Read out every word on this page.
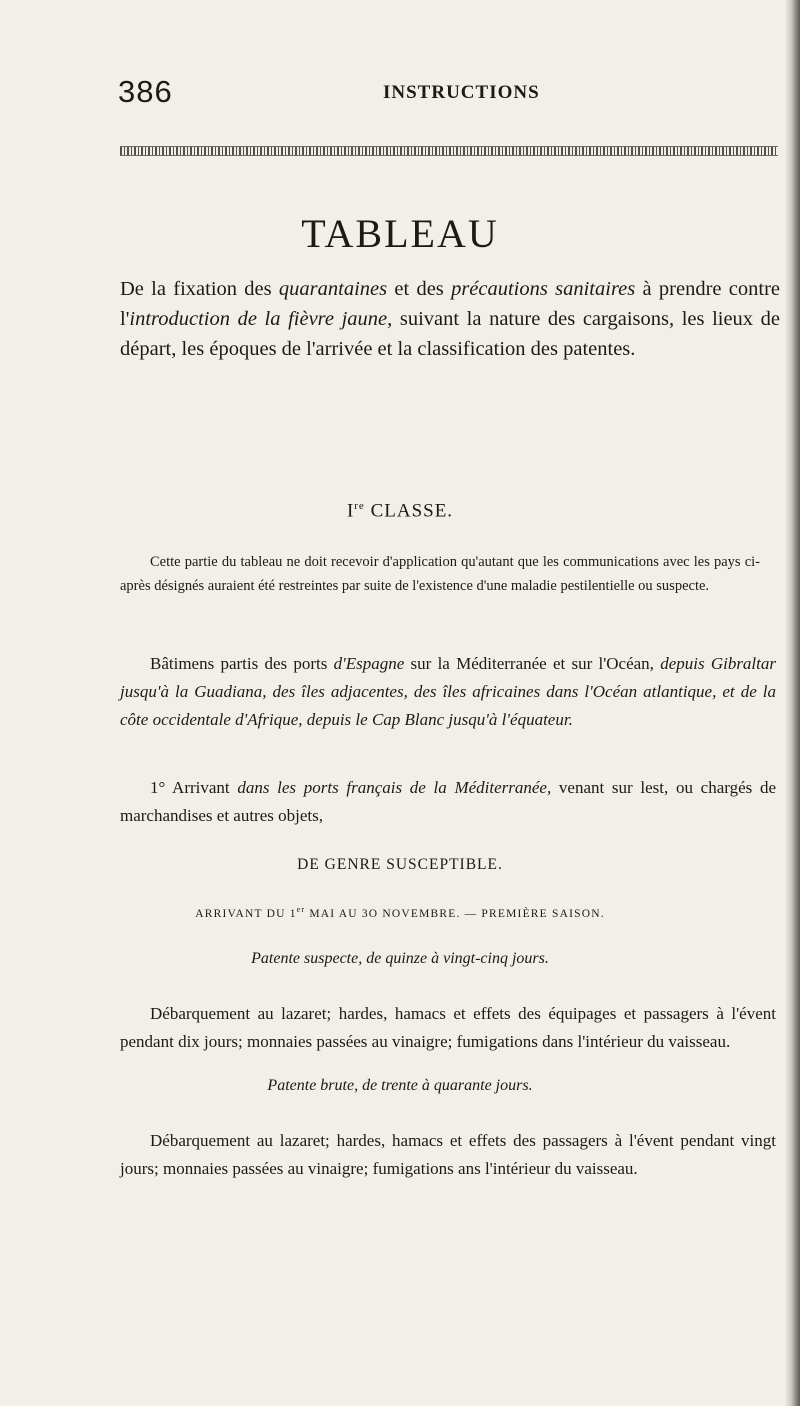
386	INSTRUCTIONS
TABLEAU
De la fixation des quarantaines et des précautions sanitaires à prendre contre l'introduction de la fièvre jaune, suivant la nature des cargaisons, les lieux de départ, les époques de l'arrivée et la classification des patentes.
Ire CLASSE.
Cette partie du tableau ne doit recevoir d'application qu'autant que les communications avec les pays ci-après désignés auraient été restreintes par suite de l'existence d'une maladie pestilentielle ou suspecte.
Bâtimens partis des ports d'Espagne sur la Méditerranée et sur l'Océan, depuis Gibraltar jusqu'à la Guadiana, des îles adjacentes, des îles africaines dans l'Océan atlantique, et de la côte occidentale d'Afrique, depuis le Cap Blanc jusqu'à l'équateur.
1° Arrivant dans les ports français de la Méditerranée, venant sur lest, ou chargés de marchandises et autres objets,
DE GENRE SUSCEPTIBLE.
ARRIVANT DU 1er MAI AU 3O NOVEMBRE. — PREMIÈRE SAISON.
Patente suspecte, de quinze à vingt-cinq jours.
Débarquement au lazaret; hardes, hamacs et effets des équipages et passagers à l'évent pendant dix jours; monnaies passées au vinaigre; fumigations dans l'intérieur du vaisseau.
Patente brute, de trente à quarante jours.
Débarquement au lazaret; hardes, hamacs et effets des passagers à l'évent pendant vingt jours; monnaies passées au vinaigre; fumigations ans l'intérieur du vaisseau.
